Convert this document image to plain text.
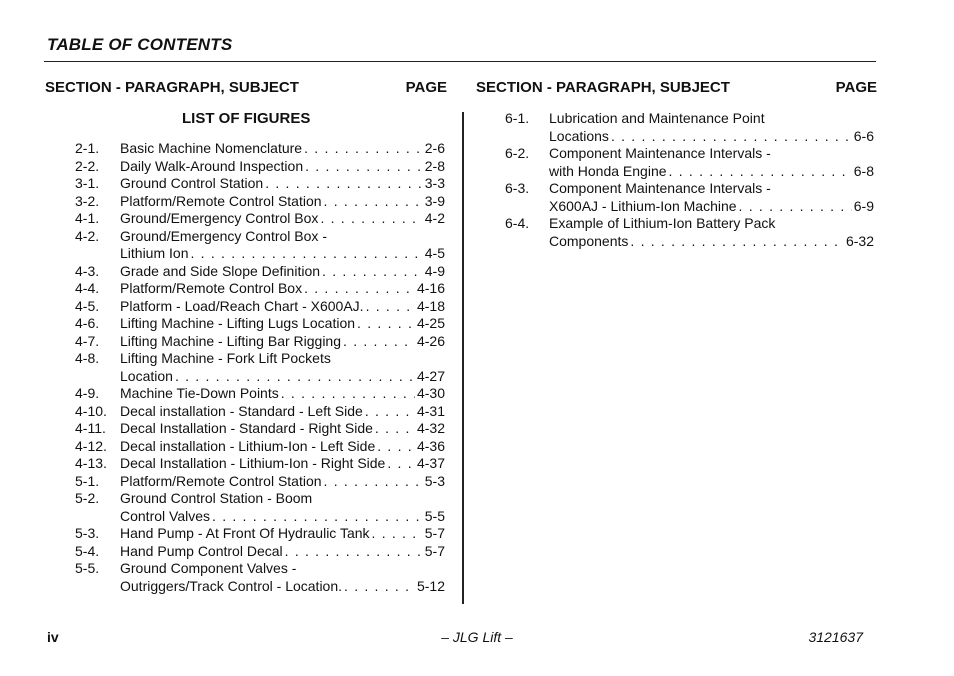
TABLE OF CONTENTS
SECTION - PARAGRAPH, SUBJECT	PAGE SECTION - PARAGRAPH, SUBJECT	PAGE
LIST OF FIGURES
2-1. Basic Machine Nomenclature . . .	2-6
2-2. Daily Walk-Around Inspection . . .	2-8
3-1. Ground Control Station . . .	3-3
3-2. Platform/Remote Control Station . . .	3-9
4-1. Ground/Emergency Control Box . . .	4-2
4-2. Ground/Emergency Control Box -
Lithium Ion . . .	4-5
4-3. Grade and Side Slope Definition . . .	4-9
4-4. Platform/Remote Control Box . . .	4-16
4-5. Platform - Load/Reach Chart - X600AJ. . . .	4-18
4-6. Lifting Machine - Lifting Lugs Location . . .	4-25
4-7. Lifting Machine - Lifting Bar Rigging . . .	4-26
4-8. Lifting Machine - Fork Lift Pockets
Location . . .	4-27
4-9. Machine Tie-Down Points . . .	4-30
4-10. Decal installation - Standard - Left Side . . .	4-31
4-11. Decal Installation - Standard - Right Side . . .	4-32
4-12. Decal installation - Lithium-Ion - Left Side . . .	4-36
4-13. Decal Installation - Lithium-Ion - Right Side . . . 4-37
5-1. Platform/Remote Control Station . . .	5-3
5-2. Ground Control Station - Boom
Control Valves . . .	5-5
5-3. Hand Pump - At Front Of Hydraulic Tank . . .	5-7
5-4. Hand Pump Control Decal . . .	5-7
5-5. Ground Component Valves -
Outriggers/Track Control - Location. . . .	5-12
6-1. Lubrication and Maintenance Point
Locations . . .	6-6
6-2. Component Maintenance Intervals -
with Honda Engine . . .	6-8
6-3. Component Maintenance Intervals -
X600AJ - Lithium-Ion Machine . . .	6-9
6-4. Example of Lithium-Ion Battery Pack
Components . . .	6-32
iv	– JLG Lift –	3121637
